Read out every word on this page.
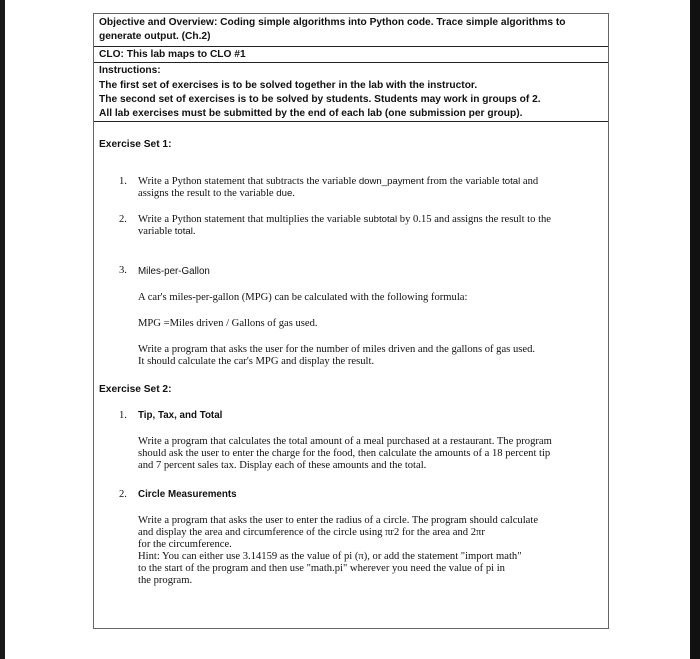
Objective and Overview: Coding simple algorithms into Python code. Trace simple algorithms to
generate output. (Ch.2)
CLO: This lab maps to CLO #1
Instructions:
The first set of exercises is to be solved together in the lab with the instructor.
The second set of exercises is to be solved by students. Students may work in groups of 2.
All lab exercises must be submitted by the end of each lab (one submission per group).
Exercise Set 1:
1. Write a Python statement that subtracts the variable down_payment from the variable total and
assigns the result to the variable due.
2. Write a Python statement that multiplies the variable subtotal by 0.15 and assigns the result to the
variable total.
3. Miles-per-Gallon
A car's miles-per-gallon (MPG) can be calculated with the following formula:
MPG =Miles driven / Gallons of gas used.
Write a program that asks the user for the number of miles driven and the gallons of gas used.
It should calculate the car's MPG and display the result.
Exercise Set 2:
1. Tip, Tax, and Total
Write a program that calculates the total amount of a meal purchased at a restaurant. The program
should ask the user to enter the charge for the food, then calculate the amounts of a 18 percent tip
and 7 percent sales tax. Display each of these amounts and the total.
2. Circle Measurements
Write a program that asks the user to enter the radius of a circle. The program should calculate
and display the area and circumference of the circle using πr2 for the area and 2πr
for the circumference.
Hint: You can either use 3.14159 as the value of pi (π), or add the statement "import math"
to the start of the program and then use "math.pi" wherever you need the value of pi in
the program.
